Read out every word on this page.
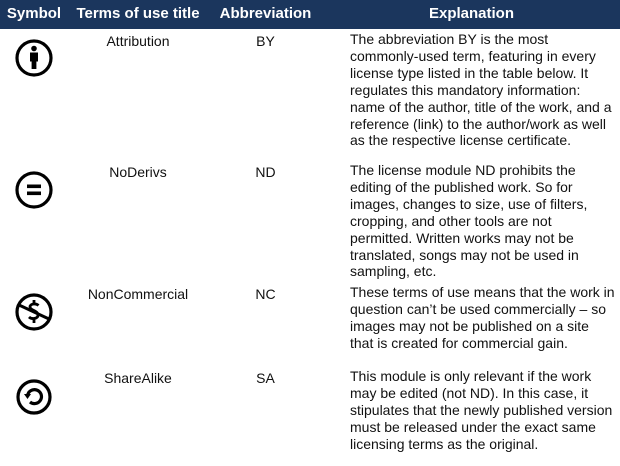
Symbol	Terms of use title	Abbreviation	Explanation
	Attribution	BY	The abbreviation BY is the most commonly-used term, featuring in every license type listed in the table below. It regulates this mandatory information: name of the author, title of the work, and a reference (link) to the author/work as well as the respective license certificate.
	NoDerivs	ND	The license module ND prohibits the editing of the published work. So for images, changes to size, use of filters, cropping, and other tools are not permitted. Written works may not be translated, songs may not be used in sampling, etc.
	NonCommercial	NC	These terms of use means that the work in question can’t be used commercially – so images may not be published on a site that is created for commercial gain.
	ShareAlike	SA	This module is only relevant if the work may be edited (not ND). In this case, it stipulates that the newly published version must be released under the exact same licensing terms as the original.
